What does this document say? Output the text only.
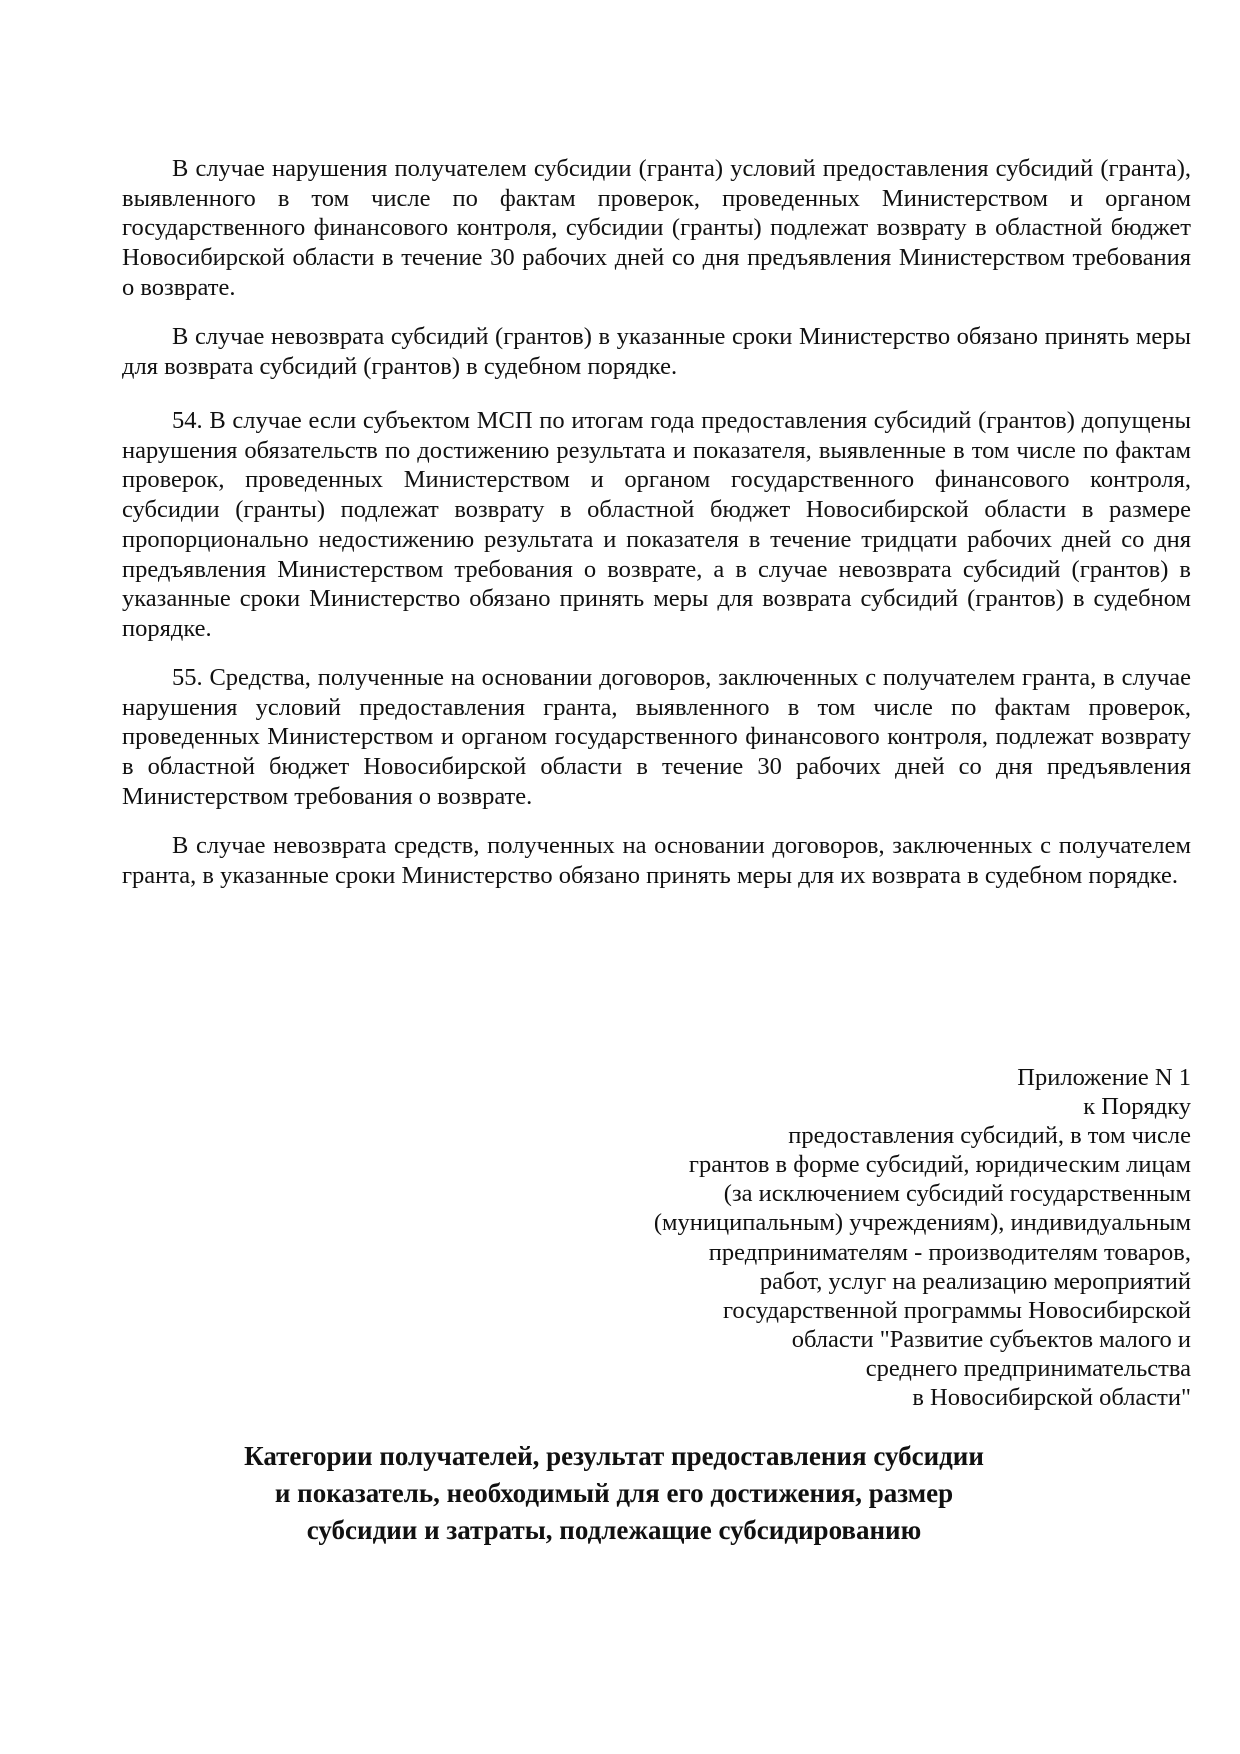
В случае нарушения получателем субсидии (гранта) условий предоставления субсидий (гранта), выявленного в том числе по фактам проверок, проведенных Министерством и органом государственного финансового контроля, субсидии (гранты) подлежат возврату в областной бюджет Новосибирской области в течение 30 рабочих дней со дня предъявления Министерством требования о возврате.

В случае невозврата субсидий (грантов) в указанные сроки Министерство обязано принять меры для возврата субсидий (грантов) в судебном порядке.

54. В случае если субъектом МСП по итогам года предоставления субсидий (грантов) допущены нарушения обязательств по достижению результата и показателя, выявленные в том числе по фактам проверок, проведенных Министерством и органом государственного финансового контроля, субсидии (гранты) подлежат возврату в областной бюджет Новосибирской области в размере пропорционально недостижению результата и показателя в течение тридцати рабочих дней со дня предъявления Министерством требования о возврате, а в случае невозврата субсидий (грантов) в указанные сроки Министерство обязано принять меры для возврата субсидий (грантов) в судебном порядке.

55. Средства, полученные на основании договоров, заключенных с получателем гранта, в случае нарушения условий предоставления гранта, выявленного в том числе по фактам проверок, проведенных Министерством и органом государственного финансового контроля, подлежат возврату в областной бюджет Новосибирской области в течение 30 рабочих дней со дня предъявления Министерством требования о возврате.

В случае невозврата средств, полученных на основании договоров, заключенных с получателем гранта, в указанные сроки Министерство обязано принять меры для их возврата в судебном порядке.

Приложение N 1
к Порядку
предоставления субсидий, в том числе
грантов в форме субсидий, юридическим лицам
(за исключением субсидий государственным
(муниципальным) учреждениям), индивидуальным
предпринимателям - производителям товаров,
работ, услуг на реализацию мероприятий
государственной программы Новосибирской
области "Развитие субъектов малого и
среднего предпринимательства
в Новосибирской области"
Категории получателей, результат предоставления субсидии
и показатель, необходимый для его достижения, размер
субсидии и затраты, подлежащие субсидированию
